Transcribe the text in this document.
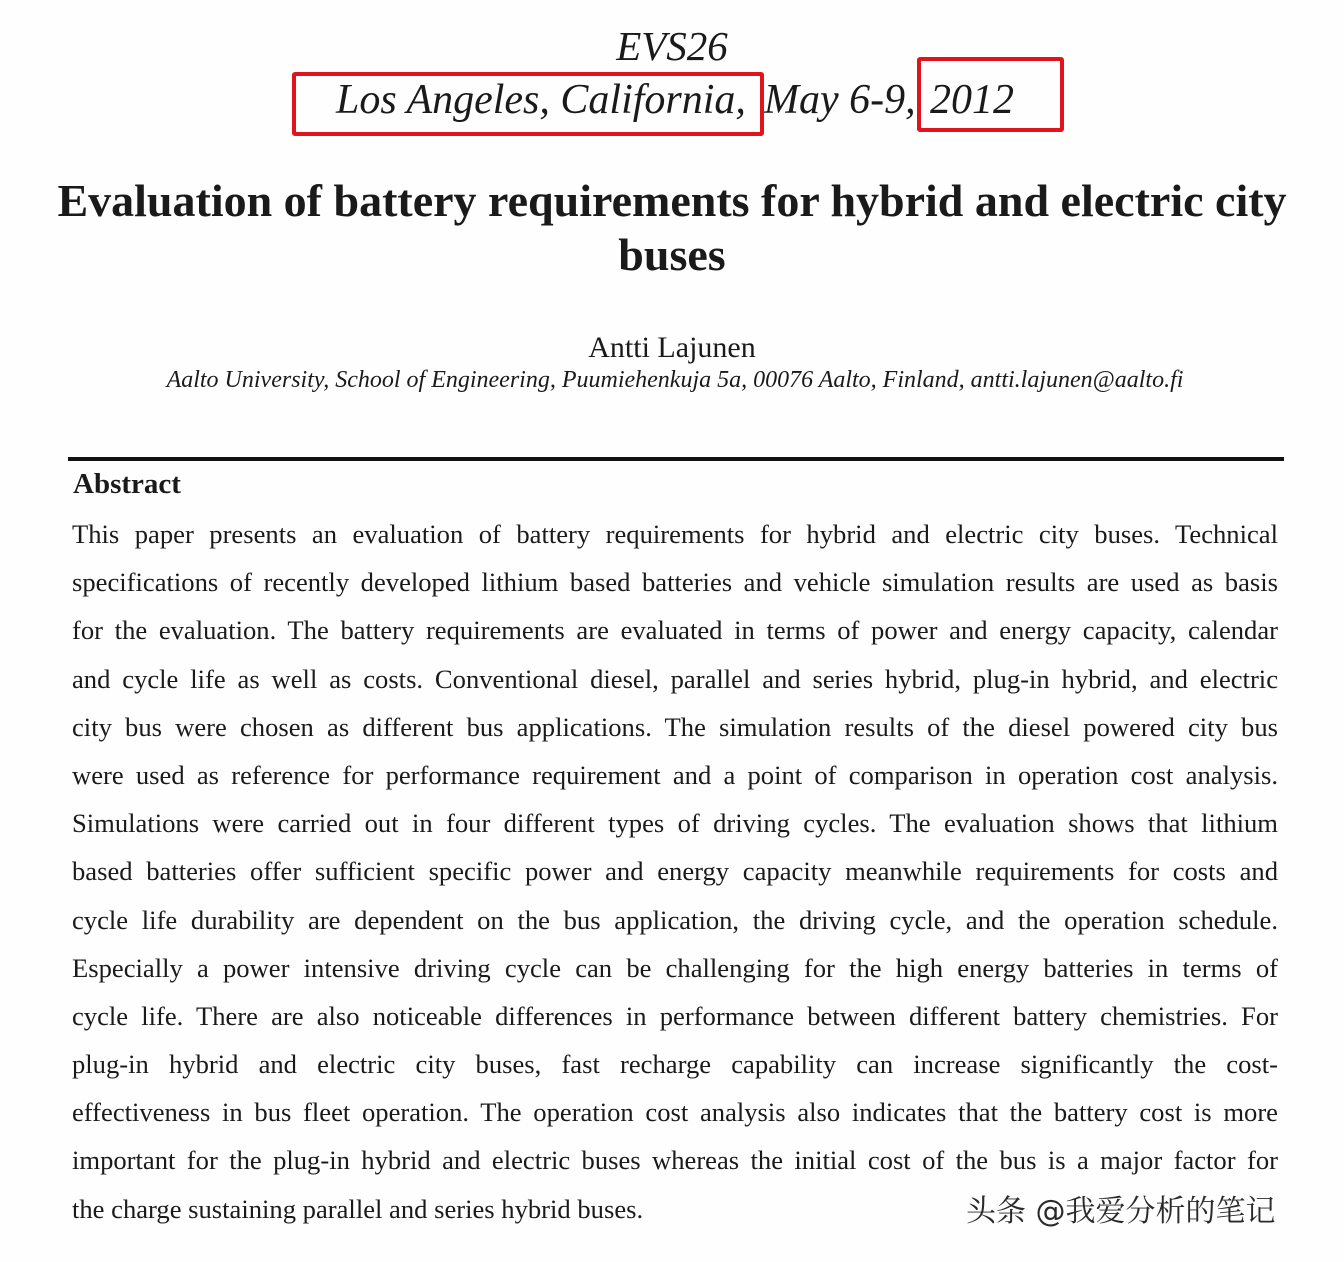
EVS26
Los Angeles, California, May 6-9, 2012
Evaluation of battery requirements for hybrid and electric city buses
Antti Lajunen
Aalto University, School of Engineering, Puumiehenkuja 5a, 00076 Aalto, Finland, antti.lajunen@aalto.fi
Abstract
This paper presents an evaluation of battery requirements for hybrid and electric city buses. Technical
specifications of recently developed lithium based batteries and vehicle simulation results are used as basis
for the evaluation. The battery requirements are evaluated in terms of power and energy capacity, calendar
and cycle life as well as costs. Conventional diesel, parallel and series hybrid, plug-in hybrid, and electric
city bus were chosen as different bus applications. The simulation results of the diesel powered city bus
were used as reference for performance requirement and a point of comparison in operation cost analysis.
Simulations were carried out in four different types of driving cycles. The evaluation shows that lithium
based batteries offer sufficient specific power and energy capacity meanwhile requirements for costs and
cycle life durability are dependent on the bus application, the driving cycle, and the operation schedule.
Especially a power intensive driving cycle can be challenging for the high energy batteries in terms of
cycle life. There are also noticeable differences in performance between different battery chemistries. For
plug-in hybrid and electric city buses, fast recharge capability can increase significantly the cost-
effectiveness in bus fleet operation. The operation cost analysis also indicates that the battery cost is more
important for the plug-in hybrid and electric buses whereas the initial cost of the bus is a major factor for
the charge sustaining parallel and series hybrid buses.	头条 @我爱分析的笔记
